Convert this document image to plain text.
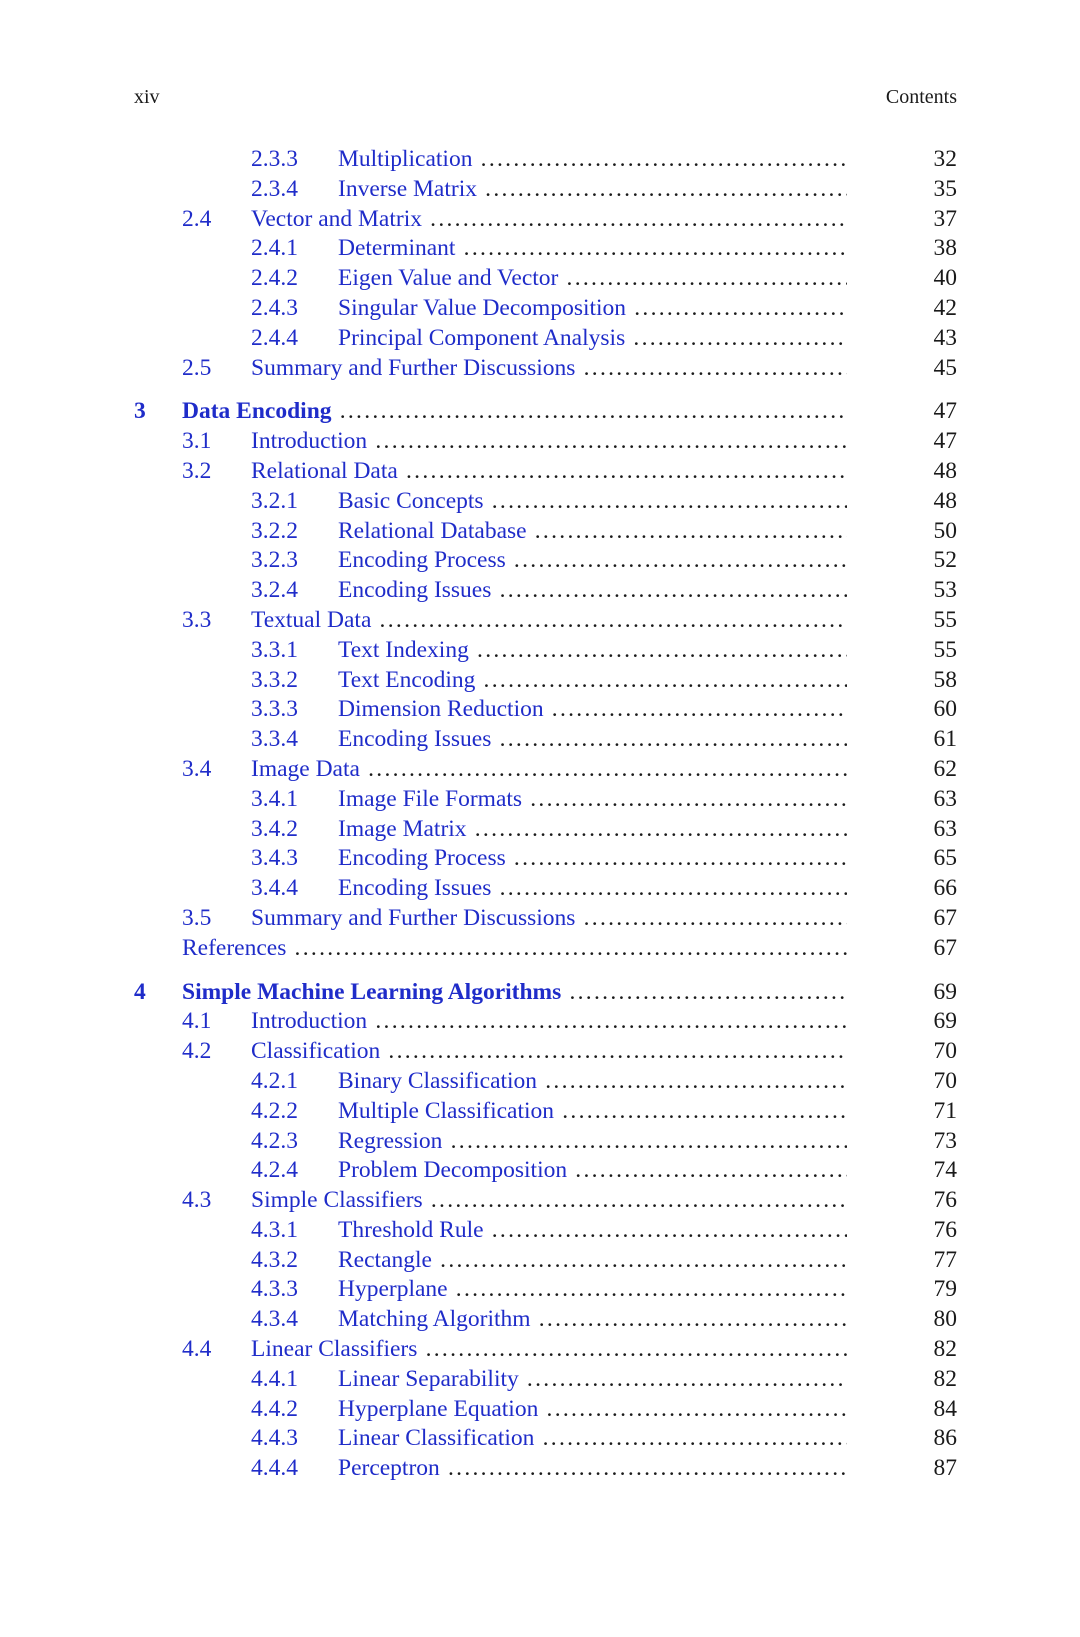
xiv	Contents
2.3.3 Multiplication .....	32
2.3.4 Inverse Matrix .....	35
2.4 Vector and Matrix .....	37
2.4.1 Determinant .....	38
2.4.2 Eigen Value and Vector .....	40
2.4.3 Singular Value Decomposition .....	42
2.4.4 Principal Component Analysis .....	43
2.5 Summary and Further Discussions .....	45
3 Data Encoding .....	47
3.1 Introduction .....	47
3.2 Relational Data .....	48
3.2.1 Basic Concepts .....	48
3.2.2 Relational Database .....	50
3.2.3 Encoding Process .....	52
3.2.4 Encoding Issues .....	53
3.3 Textual Data .....	55
3.3.1 Text Indexing .....	55
3.3.2 Text Encoding .....	58
3.3.3 Dimension Reduction .....	60
3.3.4 Encoding Issues .....	61
3.4 Image Data .....	62
3.4.1 Image File Formats .....	63
3.4.2 Image Matrix .....	63
3.4.3 Encoding Process .....	65
3.4.4 Encoding Issues .....	66
3.5 Summary and Further Discussions .....	67
References .....	67
4 Simple Machine Learning Algorithms .....	69
4.1 Introduction .....	69
4.2 Classification .....	70
4.2.1 Binary Classification .....	70
4.2.2 Multiple Classification .....	71
4.2.3 Regression .....	73
4.2.4 Problem Decomposition .....	74
4.3 Simple Classifiers .....	76
4.3.1 Threshold Rule .....	76
4.3.2 Rectangle .....	77
4.3.3 Hyperplane .....	79
4.3.4 Matching Algorithm .....	80
4.4 Linear Classifiers .....	82
4.4.1 Linear Separability .....	82
4.4.2 Hyperplane Equation .....	84
4.4.3 Linear Classification .....	86
4.4.4 Perceptron .....	87
